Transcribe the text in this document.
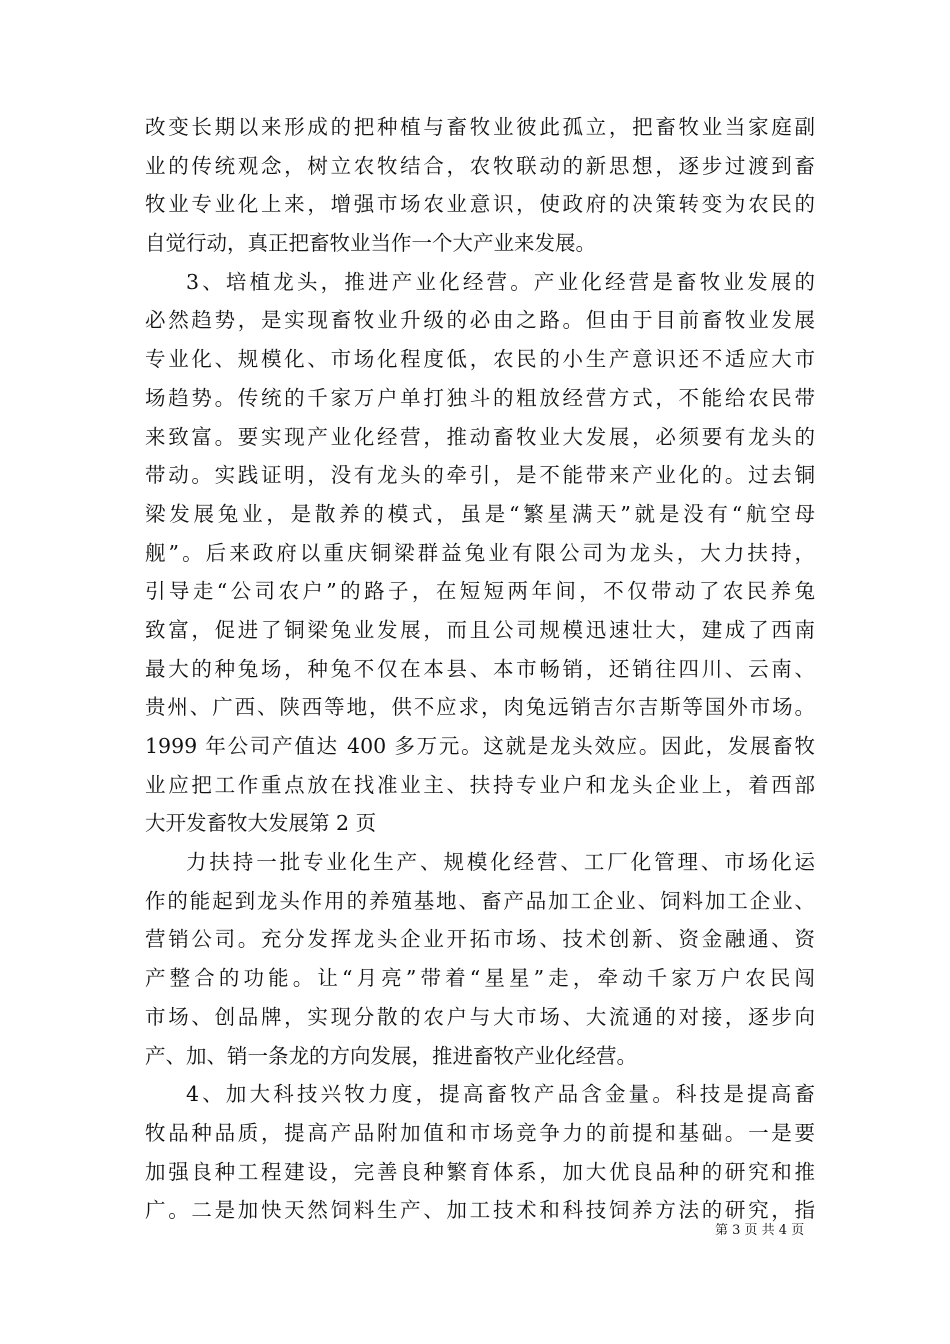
改变长期以来形成的把种植与畜牧业彼此孤立，把畜牧业当家庭副
业的传统观念，树立农牧结合，农牧联动的新思想，逐步过渡到畜
牧业专业化上来，增强市场农业意识，使政府的决策转变为农民的
自觉行动，真正把畜牧业当作一个大产业来发展。
3、培植龙头，推进产业化经营。产业化经营是畜牧业发展的
必然趋势，是实现畜牧业升级的必由之路。但由于目前畜牧业发展
专业化、规模化、市场化程度低，农民的小生产意识还不适应大市
场趋势。传统的千家万户单打独斗的粗放经营方式，不能给农民带
来致富。要实现产业化经营，推动畜牧业大发展，必须要有龙头的
带动。实践证明，没有龙头的牵引，是不能带来产业化的。过去铜
梁发展兔业，是散养的模式，虽是“繁星满天”就是没有“航空母
舰”。后来政府以重庆铜梁群益兔业有限公司为龙头，大力扶持，
引导走“公司农户”的路子，在短短两年间，不仅带动了农民养兔
致富，促进了铜梁兔业发展，而且公司规模迅速壮大，建成了西南
最大的种兔场，种兔不仅在本县、本市畅销，还销往四川、云南、
贵州、广西、陕西等地，供不应求，肉兔远销吉尔吉斯等国外市场。
1999 年公司产值达 400 多万元。这就是龙头效应。因此，发展畜牧
业应把工作重点放在找准业主、扶持专业户和龙头企业上，着西部
大开发畜牧大发展第 2 页
力扶持一批专业化生产、规模化经营、工厂化管理、市场化运
作的能起到龙头作用的养殖基地、畜产品加工企业、饲料加工企业、
营销公司。充分发挥龙头企业开拓市场、技术创新、资金融通、资
产整合的功能。让“月亮”带着“星星”走，牵动千家万户农民闯
市场、创品牌，实现分散的农户与大市场、大流通的对接，逐步向
产、加、销一条龙的方向发展，推进畜牧产业化经营。
4、加大科技兴牧力度，提高畜牧产品含金量。科技是提高畜
牧品种品质，提高产品附加值和市场竞争力的前提和基础。一是要
加强良种工程建设，完善良种繁育体系，加大优良品种的研究和推
广。二是加快天然饲料生产、加工技术和科技饲养方法的研究，指
第 3 页 共 4 页
